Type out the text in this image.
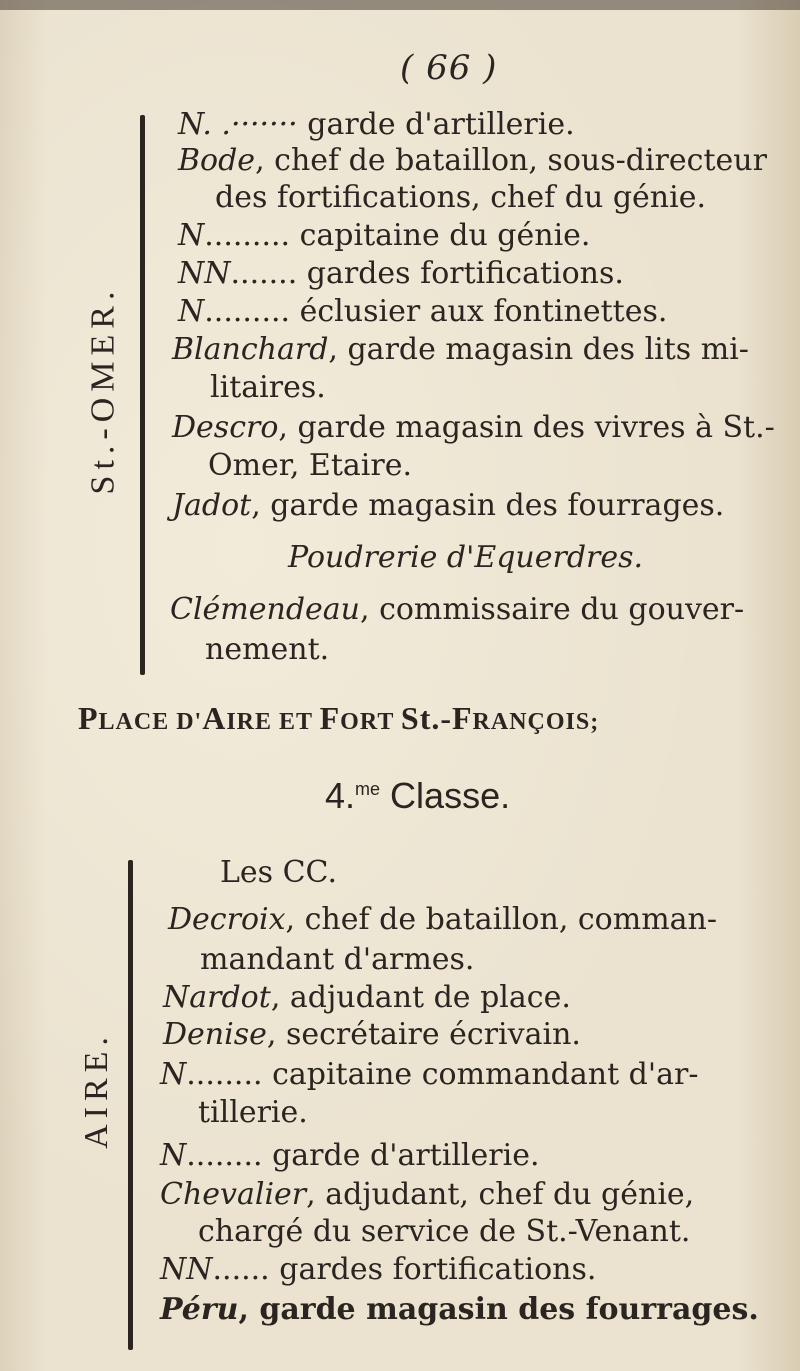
( 66 )
St.-OMER.
N. .······· garde d'artillerie.
Bode, chef de bataillon, sous-directeur
des fortifications, chef du génie.
N......... capitaine du génie.
NN....... gardes fortifications.
N......... éclusier aux fontinettes.
Blanchard, garde magasin des lits mi-
litaires.
Descro, garde magasin des vivres à St.-
Omer, Etaire.
Jadot, garde magasin des fourrages.
Poudrerie d'Equerdres.
Clémendeau, commissaire du gouver-
nement.
PLACE D'AIRE ET FORT St.-FRANÇOIS;
4.$^{me}$ Classe.
AIRE.
Les CC.
Decroix, chef de bataillon, comman-
mandant d'armes.
Nardot, adjudant de place.
Denise, secrétaire écrivain.
N........ capitaine commandant d'ar-
tillerie.
N........ garde d'artillerie.
Chevalier, adjudant, chef du génie,
chargé du service de St.-Venant.
NN...... gardes fortifications.
Péru, garde magasin des fourrages.
